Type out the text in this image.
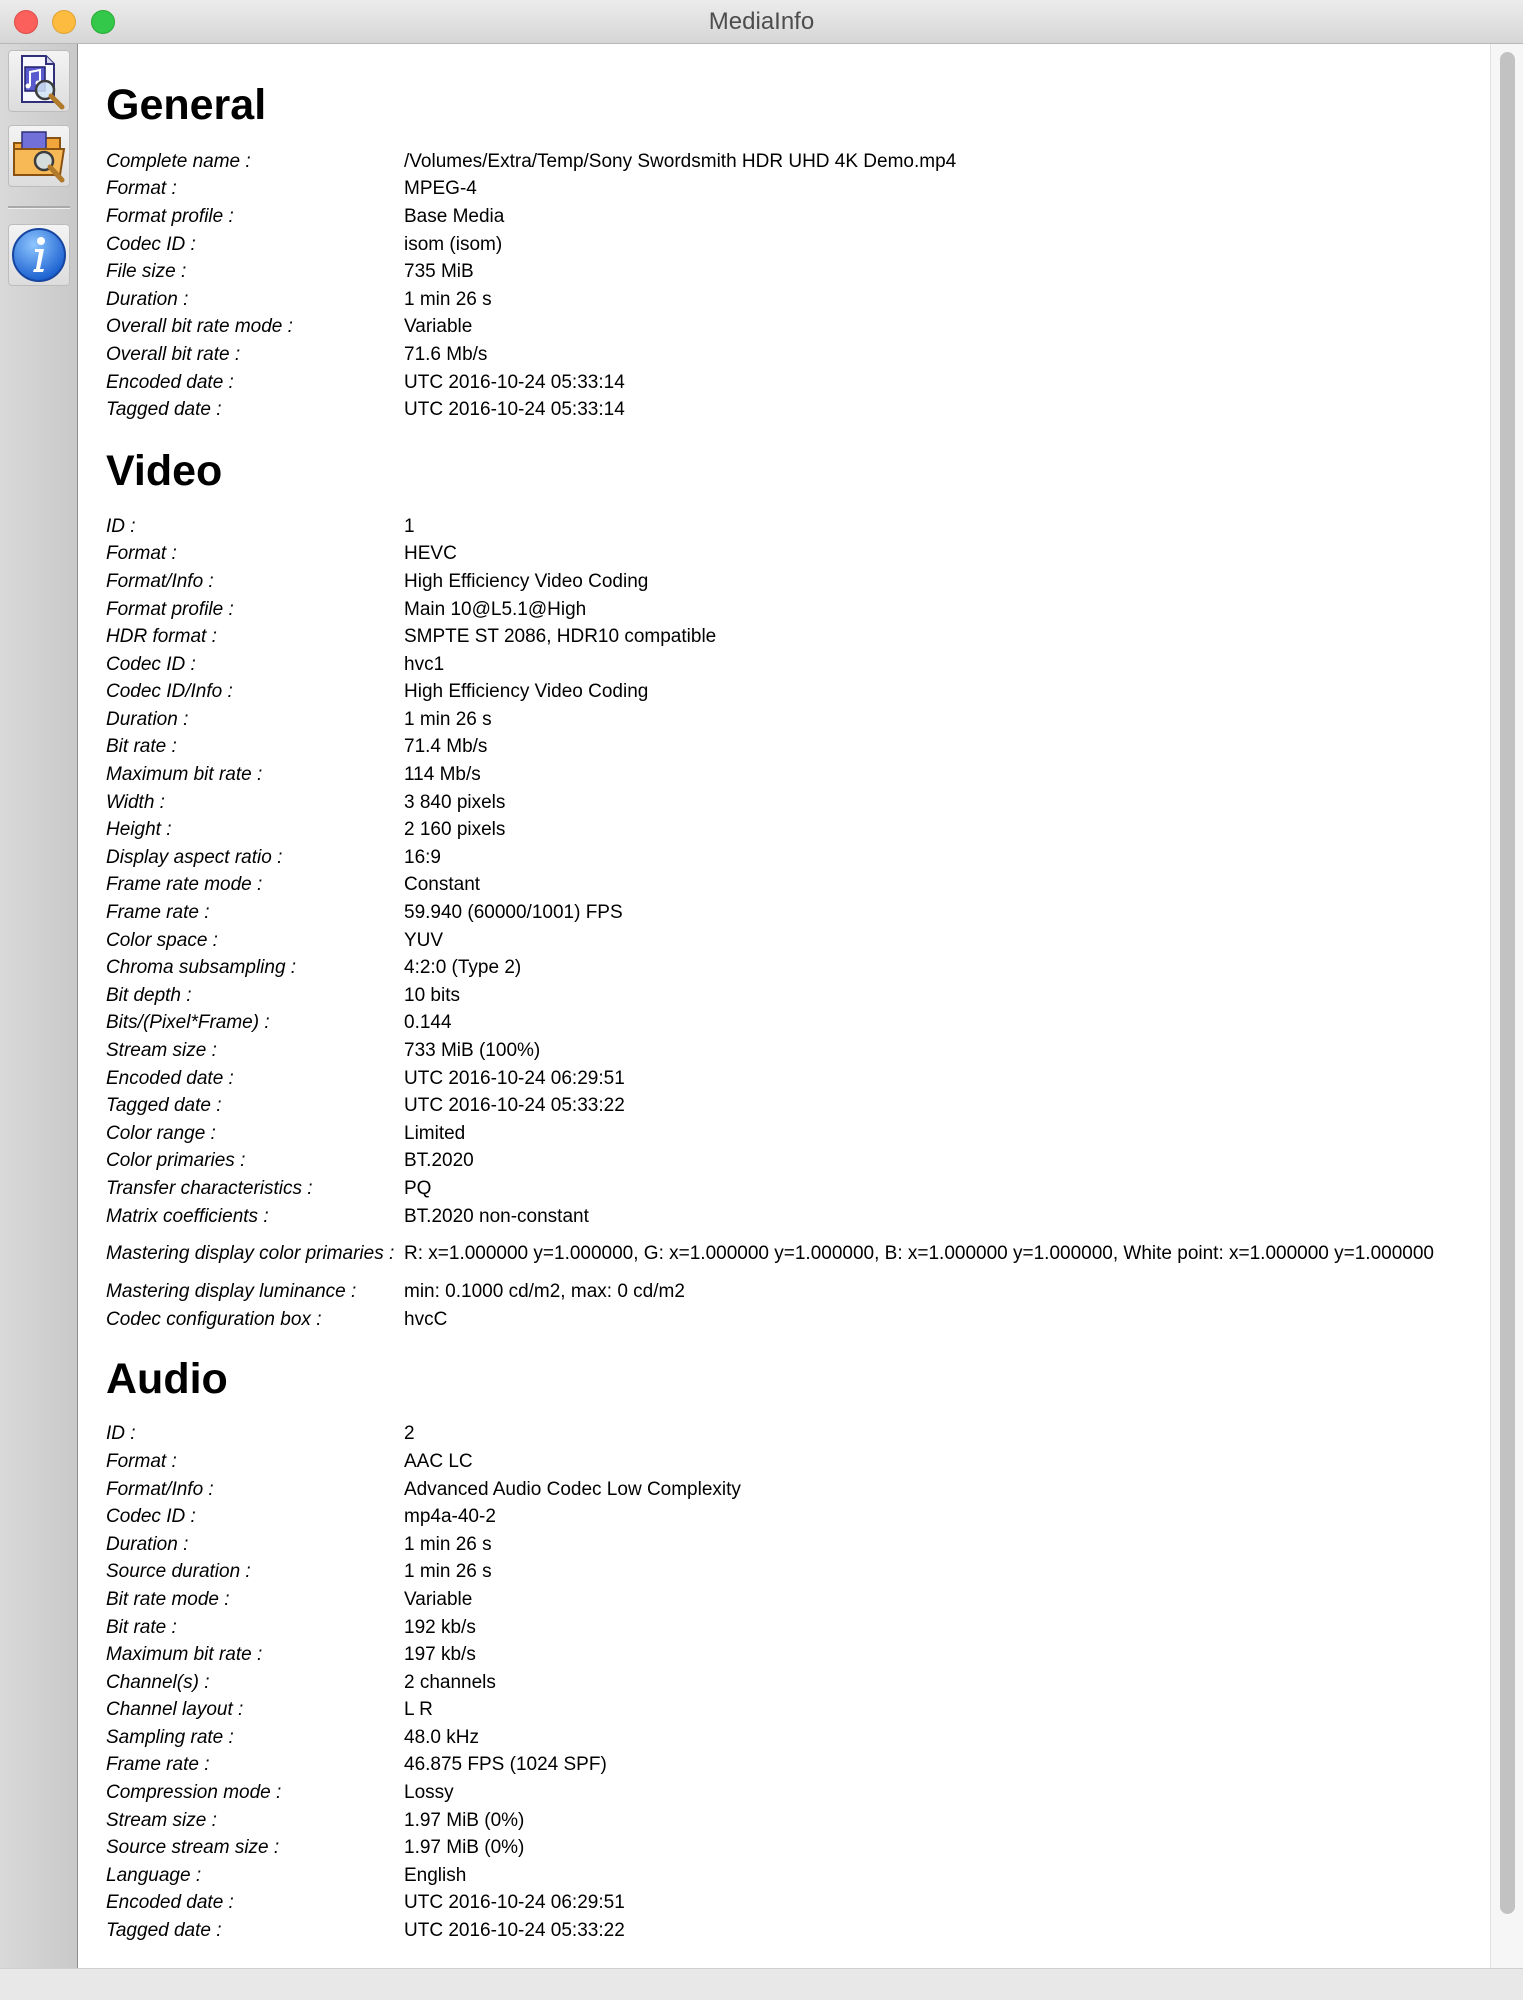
MediaInfo
General
Complete name :	/Volumes/Extra/Temp/Sony Swordsmith HDR UHD 4K Demo.mp4
Format :	MPEG-4
Format profile :	Base Media
Codec ID :	isom (isom)
File size :	735 MiB
Duration :	1 min 26 s
Overall bit rate mode :	Variable
Overall bit rate :	71.6 Mb/s
Encoded date :	UTC 2016-10-24 05:33:14
Tagged date :	UTC 2016-10-24 05:33:14
Video
ID :	1
Format :	HEVC
Format/Info :	High Efficiency Video Coding
Format profile :	Main 10@L5.1@High
HDR format :	SMPTE ST 2086, HDR10 compatible
Codec ID :	hvc1
Codec ID/Info :	High Efficiency Video Coding
Duration :	1 min 26 s
Bit rate :	71.4 Mb/s
Maximum bit rate :	114 Mb/s
Width :	3 840 pixels
Height :	2 160 pixels
Display aspect ratio :	16:9
Frame rate mode :	Constant
Frame rate :	59.940 (60000/1001) FPS
Color space :	YUV
Chroma subsampling :	4:2:0 (Type 2)
Bit depth :	10 bits
Bits/(Pixel*Frame) :	0.144
Stream size :	733 MiB (100%)
Encoded date :	UTC 2016-10-24 06:29:51
Tagged date :	UTC 2016-10-24 05:33:22
Color range :	Limited
Color primaries :	BT.2020
Transfer characteristics :	PQ
Matrix coefficients :	BT.2020 non-constant
Mastering display color primaries : R: x=1.000000 y=1.000000, G: x=1.000000 y=1.000000, B: x=1.000000 y=1.000000, White point: x=1.000000 y=1.000000
Mastering display luminance :	min: 0.1000 cd/m2, max: 0 cd/m2
Codec configuration box :	hvcC
Audio
ID :	2
Format :	AAC LC
Format/Info :	Advanced Audio Codec Low Complexity
Codec ID :	mp4a-40-2
Duration :	1 min 26 s
Source duration :	1 min 26 s
Bit rate mode :	Variable
Bit rate :	192 kb/s
Maximum bit rate :	197 kb/s
Channel(s) :	2 channels
Channel layout :	L R
Sampling rate :	48.0 kHz
Frame rate :	46.875 FPS (1024 SPF)
Compression mode :	Lossy
Stream size :	1.97 MiB (0%)
Source stream size :	1.97 MiB (0%)
Language :	English
Encoded date :	UTC 2016-10-24 06:29:51
Tagged date :	UTC 2016-10-24 05:33:22
